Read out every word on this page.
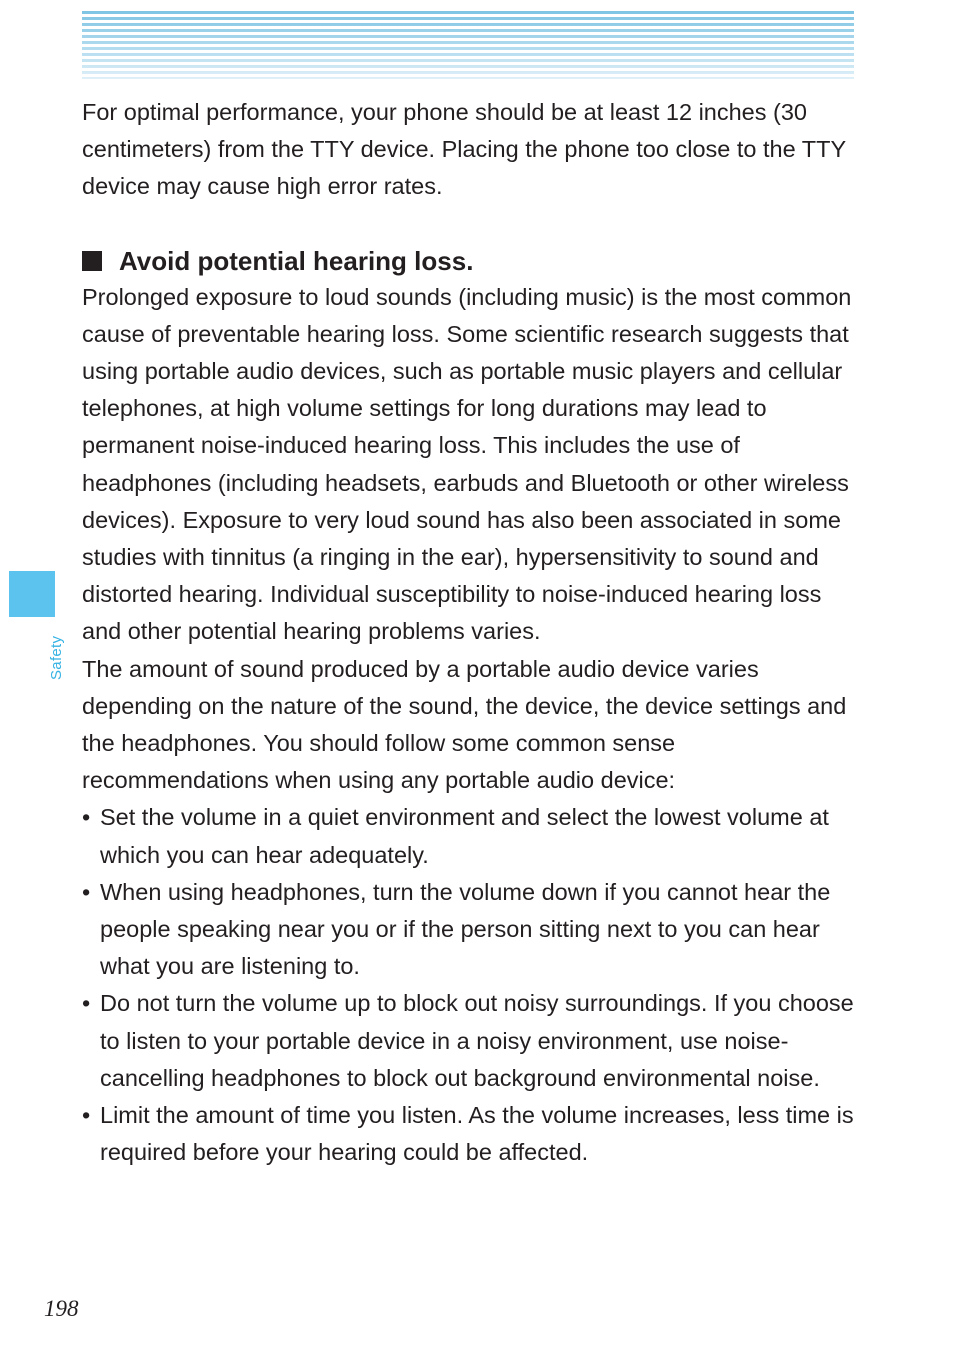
Safety

For optimal performance, your phone should be at least 12 inches (30 centimeters) from the TTY device. Placing the phone too close to the TTY device may cause high error rates.

Avoid potential hearing loss.

Prolonged exposure to loud sounds (including music) is the most common cause of preventable hearing loss. Some scientific research suggests that using portable audio devices, such as portable music players and cellular telephones, at high volume settings for long durations may lead to permanent noise-induced hearing loss. This includes the use of headphones (including headsets, earbuds and Bluetooth or other wireless devices). Exposure to very loud sound has also been associated in some studies with tinnitus (a ringing in the ear), hypersensitivity to sound and distorted hearing. Individual susceptibility to noise-induced hearing loss and other potential hearing problems varies.

The amount of sound produced by a portable audio device varies depending on the nature of the sound, the device, the device settings and the headphones. You should follow some common sense recommendations when using any portable audio device:

• Set the volume in a quiet environment and select the lowest volume at which you can hear adequately.
• When using headphones, turn the volume down if you cannot hear the people speaking near you or if the person sitting next to you can hear what you are listening to.
• Do not turn the volume up to block out noisy surroundings. If you choose to listen to your portable device in a noisy environment, use noise-cancelling headphones to block out background environmental noise.
• Limit the amount of time you listen. As the volume increases, less time is required before your hearing could be affected.
198
